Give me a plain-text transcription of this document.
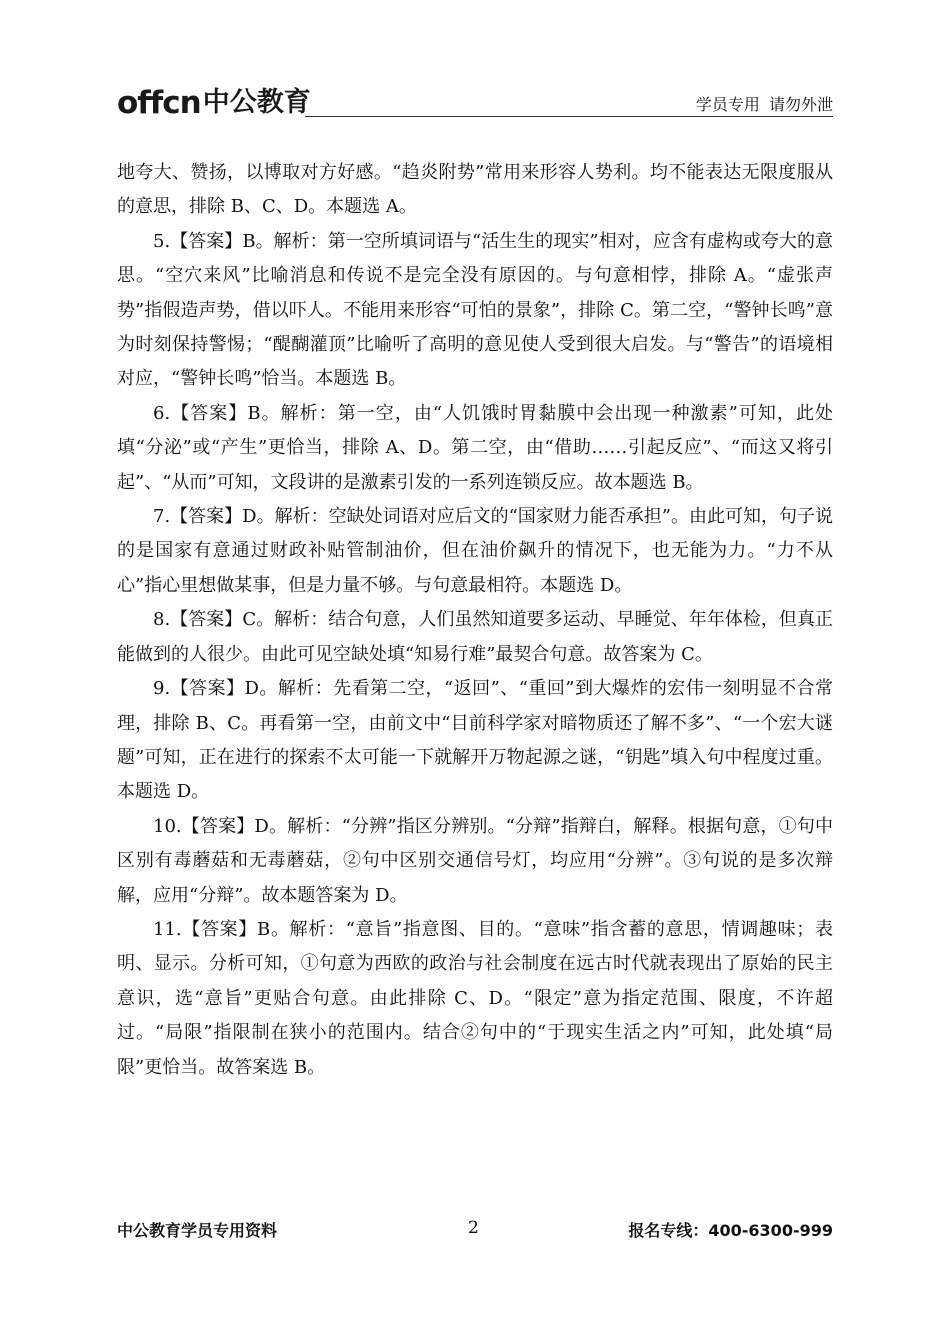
offcn 中公教育	学员专用 请勿外泄

地夸大、赞扬，以博取对方好感。“趋炎附势”常用来形容人势利。均不能表达无限度服从的意思，排除 B、C、D。本题选 A。

5.【答案】B。解析：第一空所填词语与“活生生的现实”相对，应含有虚构或夸大的意思。“空穴来风”比喻消息和传说不是完全没有原因的。与句意相悖，排除 A。“虚张声势”指假造声势，借以吓人。不能用来形容“可怕的景象”，排除 C。第二空，“警钟长鸣”意为时刻保持警惕；“醍醐灌顶”比喻听了高明的意见使人受到很大启发。与“警告”的语境相对应，“警钟长鸣”恰当。本题选 B。

6.【答案】B。解析：第一空，由“人饥饿时胃黏膜中会出现一种激素”可知，此处填“分泌”或“产生”更恰当，排除 A、D。第二空，由“借助……引起反应”、“而这又将引起”、“从而”可知，文段讲的是激素引发的一系列连锁反应。故本题选 B。

7.【答案】D。解析：空缺处词语对应后文的“国家财力能否承担”。由此可知，句子说的是国家有意通过财政补贴管制油价，但在油价飙升的情况下，也无能为力。“力不从心”指心里想做某事，但是力量不够。与句意最相符。本题选 D。

8.【答案】C。解析：结合句意，人们虽然知道要多运动、早睡觉、年年体检，但真正能做到的人很少。由此可见空缺处填“知易行难”最契合句意。故答案为 C。

9.【答案】D。解析：先看第二空，“返回”、“重回”到大爆炸的宏伟一刻明显不合常理，排除 B、C。再看第一空，由前文中“目前科学家对暗物质还了解不多”、“一个宏大谜题”可知，正在进行的探索不太可能一下就解开万物起源之谜，“钥匙”填入句中程度过重。本题选 D。

10.【答案】D。解析：“分辨”指区分辨别。“分辩”指辩白，解释。根据句意，①句中区别有毒蘑菇和无毒蘑菇，②句中区别交通信号灯，均应用“分辨”。③句说的是多次辩解，应用“分辩”。故本题答案为 D。

11.【答案】B。解析：“意旨”指意图、目的。“意味”指含蓄的意思，情调趣味；表明、显示。分析可知，①句意为西欧的政治与社会制度在远古时代就表现出了原始的民主意识，选“意旨”更贴合句意。由此排除 C、D。“限定”意为指定范围、限度，不许超过。“局限”指限制在狭小的范围内。结合②句中的“于现实生活之内”可知，此处填“局限”更恰当。故答案选 B。

中公教育学员专用资料	2	报名专线：400-6300-999
